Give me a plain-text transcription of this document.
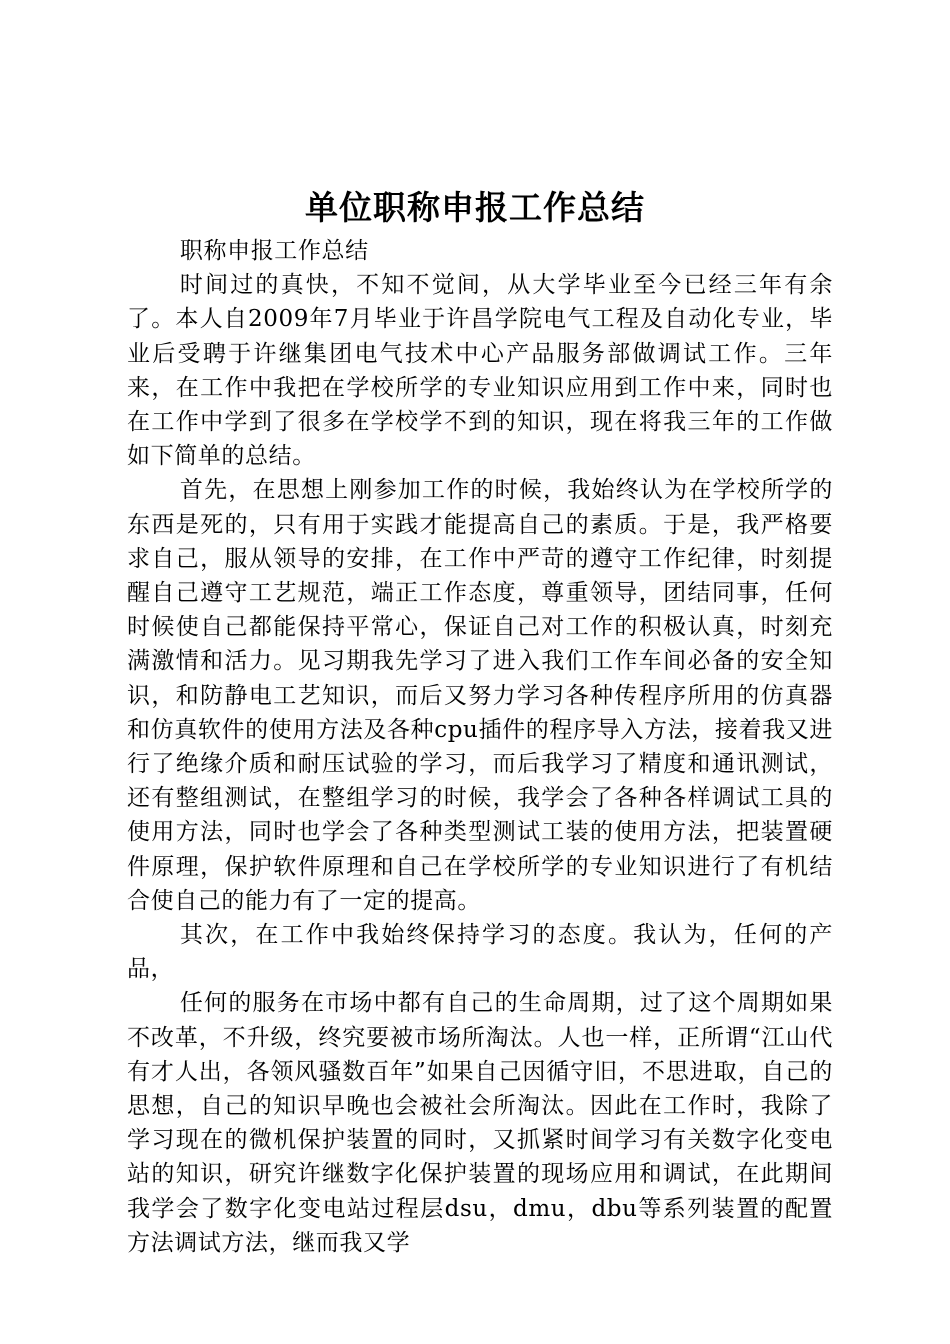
单位职称申报工作总结

职称申报工作总结

时间过的真快，不知不觉间，从大学毕业至今已经三年有余了。本人自2009年7月毕业于许昌学院电气工程及自动化专业，毕业后受聘于许继集团电气技术中心产品服务部做调试工作。三年来，在工作中我把在学校所学的专业知识应用到工作中来，同时也在工作中学到了很多在学校学不到的知识，现在将我三年的工作做如下简单的总结。

首先，在思想上刚参加工作的时候，我始终认为在学校所学的东西是死的，只有用于实践才能提高自己的素质。于是，我严格要求自己，服从领导的安排，在工作中严苛的遵守工作纪律，时刻提醒自己遵守工艺规范，端正工作态度，尊重领导，团结同事，任何时候使自己都能保持平常心，保证自己对工作的积极认真，时刻充满激情和活力。见习期我先学习了进入我们工作车间必备的安全知识，和防静电工艺知识，而后又努力学习各种传程序所用的仿真器和仿真软件的使用方法及各种cpu插件的程序导入方法，接着我又进行了绝缘介质和耐压试验的学习，而后我学习了精度和通讯测试，还有整组测试，在整组学习的时候，我学会了各种各样调试工具的使用方法，同时也学会了各种类型测试工装的使用方法，把装置硬件原理，保护软件原理和自己在学校所学的专业知识进行了有机结合使自己的能力有了一定的提高。

其次，在工作中我始终保持学习的态度。我认为，任何的产品，

任何的服务在市场中都有自己的生命周期，过了这个周期如果不改革，不升级，终究要被市场所淘汰。人也一样，正所谓“江山代有才人出，各领风骚数百年”如果自己因循守旧，不思进取，自己的思想，自己的知识早晚也会被社会所淘汰。因此在工作时，我除了学习现在的微机保护装置的同时，又抓紧时间学习有关数字化变电站的知识，研究许继数字化保护装置的现场应用和调试，在此期间我学会了数字化变电站过程层dsu，dmu，dbu等系列装置的配置方法调试方法，继而我又学
